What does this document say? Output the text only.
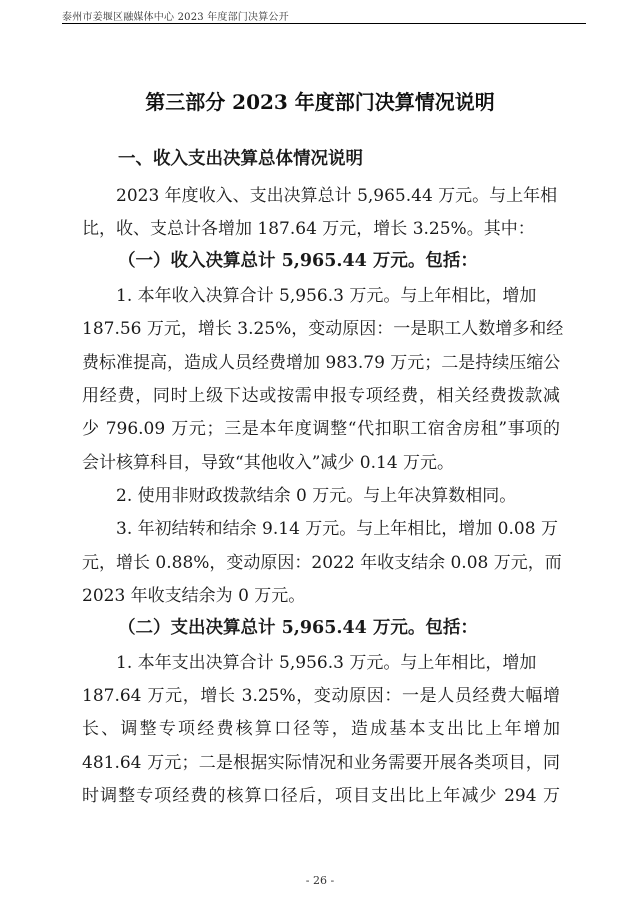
泰州市姜堰区融媒体中心 2023 年度部门决算公开
第三部分 2023 年度部门决算情况说明
一、收入支出决算总体情况说明
2023 年度收入、支出决算总计 5,965.44 万元。与上年相
比，收、支总计各增加 187.64 万元，增长 3.25%。其中：
（一）收入决算总计 5,965.44 万元。包括：
1. 本年收入决算合计 5,956.3 万元。与上年相比，增加
187.56 万元，增长 3.25%，变动原因：一是职工人数增多和经
费标准提高，造成人员经费增加 983.79 万元；二是持续压缩公
用经费，同时上级下达或按需申报专项经费，相关经费拨款减
少 796.09 万元；三是本年度调整“代扣职工宿舍房租”事项的
会计核算科目，导致“其他收入”减少 0.14 万元。
2. 使用非财政拨款结余 0 万元。与上年决算数相同。
3. 年初结转和结余 9.14 万元。与上年相比，增加 0.08 万
元，增长 0.88%，变动原因：2022 年收支结余 0.08 万元，而
2023 年收支结余为 0 万元。
（二）支出决算总计 5,965.44 万元。包括：
1. 本年支出决算合计 5,956.3 万元。与上年相比，增加
187.64 万元，增长 3.25%，变动原因：一是人员经费大幅增
长、调整专项经费核算口径等，造成基本支出比上年增加
481.64 万元；二是根据实际情况和业务需要开展各类项目，同
时调整专项经费的核算口径后，项目支出比上年减少 294 万
- 26 -
